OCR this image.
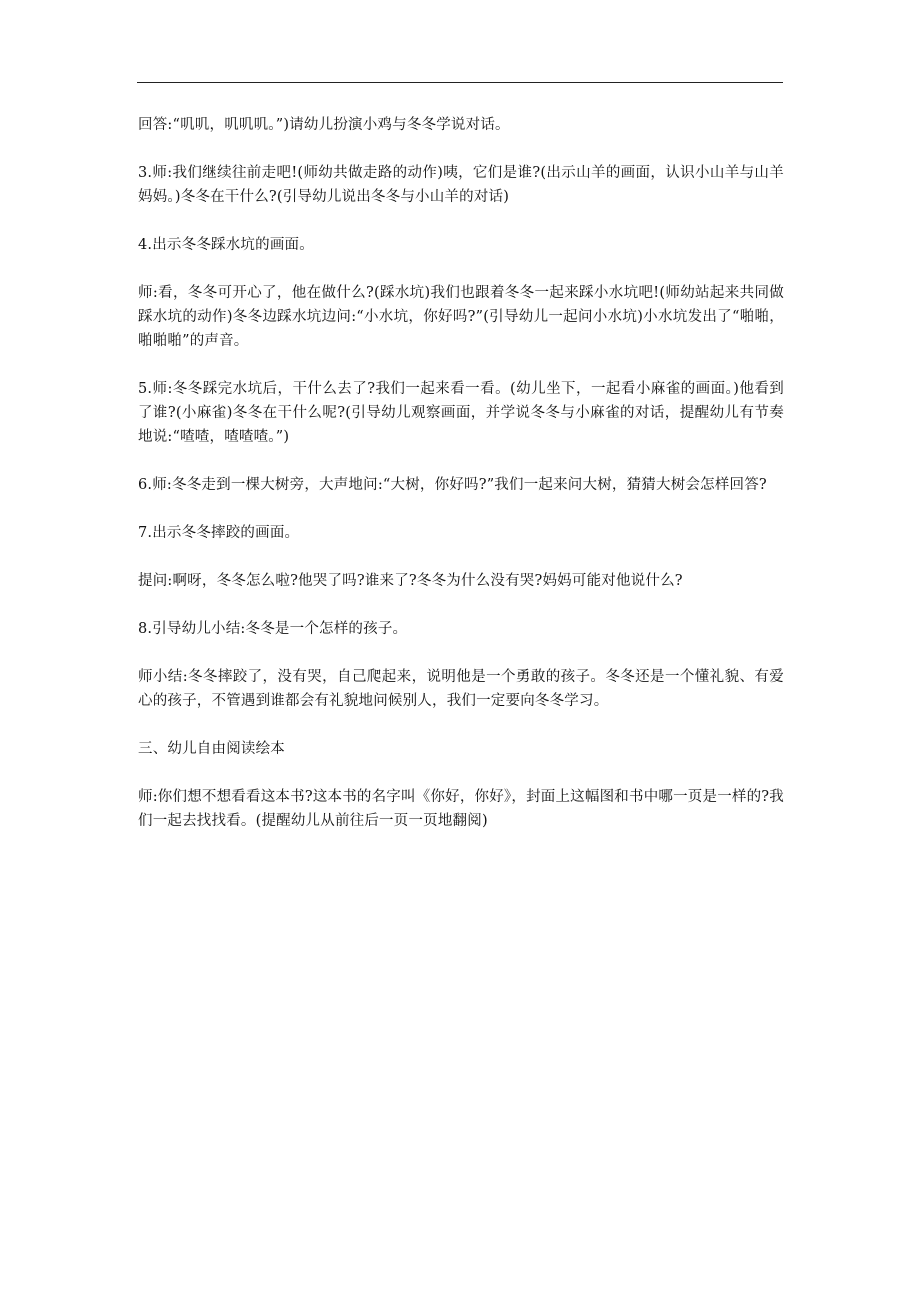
回答:“叽叽，叽叽叽。”)请幼儿扮演小鸡与冬冬学说对话。

3.师:我们继续往前走吧!(师幼共做走路的动作)咦，它们是谁?(出示山羊的画面，认识小山羊与山羊妈妈。)冬冬在干什么?(引导幼儿说出冬冬与小山羊的对话)

4.出示冬冬踩水坑的画面。

师:看，冬冬可开心了，他在做什么?(踩水坑)我们也跟着冬冬一起来踩小水坑吧!(师幼站起来共同做踩水坑的动作)冬冬边踩水坑边问:“小水坑，你好吗?”(引导幼儿一起问小水坑)小水坑发出了“啪啪，啪啪啪”的声音。

5.师:冬冬踩完水坑后，干什么去了?我们一起来看一看。(幼儿坐下，一起看小麻雀的画面。)他看到了谁?(小麻雀)冬冬在干什么呢?(引导幼儿观察画面，并学说冬冬与小麻雀的对话，提醒幼儿有节奏地说:“喳喳，喳喳喳。”)

6.师:冬冬走到一棵大树旁，大声地问:“大树，你好吗?”我们一起来问大树，猜猜大树会怎样回答?

7.出示冬冬摔跤的画面。

提问:啊呀，冬冬怎么啦?他哭了吗?谁来了?冬冬为什么没有哭?妈妈可能对他说什么?

8.引导幼儿小结:冬冬是一个怎样的孩子。

师小结:冬冬摔跤了，没有哭，自己爬起来，说明他是一个勇敢的孩子。冬冬还是一个懂礼貌、有爱心的孩子，不管遇到谁都会有礼貌地问候别人，我们一定要向冬冬学习。

三、幼儿自由阅读绘本

师:你们想不想看看这本书?这本书的名字叫《你好，你好》，封面上这幅图和书中哪一页是一样的?我们一起去找找看。(提醒幼儿从前往后一页一页地翻阅)
